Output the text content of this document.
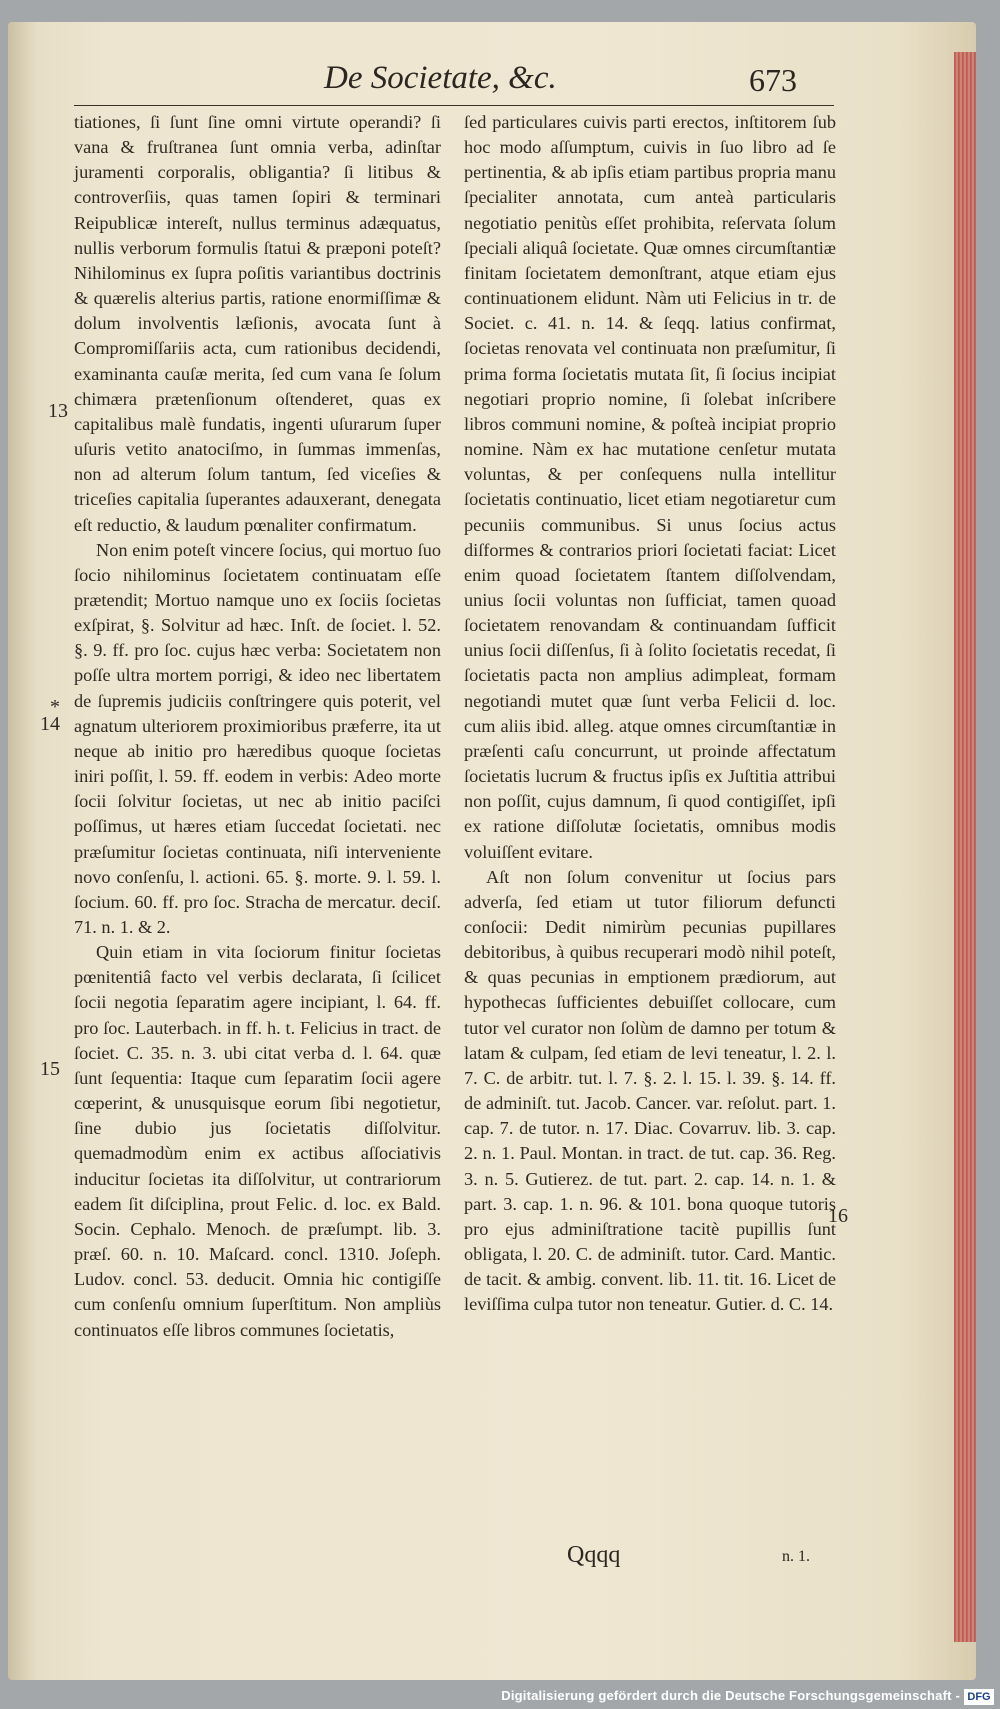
De Societate, &c.	673

tiationes, ſi ſunt ſine omni virtute operandi? ſi vana & fruſtranea ſunt omnia verba, adinſtar juramenti corporalis, obligantia? ſi litibus & controverſiis, quas tamen ſopiri & terminari Reipublicæ intereſt, nullus terminus adæquatus, nullis verborum formulis ſtatui & præponi poteſt? Nihilominus ex ſupra poſitis variantibus doctrinis & quærelis alterius partis, ratione enormiſſimæ & dolum involventis læſionis, avocata ſunt à Compromiſſariis acta, cum rationibus decidendi, examinanta cauſæ merita, ſed cum vana ſe ſolum chimæra prætenſionum oſtenderet, quas ex capitalibus malè fundatis, ingenti uſurarum ſuper uſuris vetito anatociſmo, in ſummas immenſas, non ad alterum ſolum tantum, ſed viceſies & triceſies capitalia ſuperantes adauxerant, denegata eſt reductio, & laudum pœnaliter confirmatum.

Non enim poteſt vincere ſocius, qui mortuo ſuo ſocio nihilominus ſocietatem continuatam eſſe prætendit; Mortuo namque uno ex ſociis ſocietas exſpirat, §. Solvitur ad hæc. Inſt. de ſociet. l. 52. §. 9. ff. pro ſoc. cujus hæc verba: Societatem non poſſe ultra mortem porrigi, & ideo nec libertatem de ſupremis judiciis conſtringere quis poterit, vel agnatum ulteriorem proximioribus præferre, ita ut neque ab initio pro hæredibus quoque ſocietas iniri poſſit, l. 59. ff. eodem in verbis: Adeo morte ſocii ſolvitur ſocietas, ut nec ab initio paciſci poſſimus, ut hæres etiam ſuccedat ſocietati. nec præſumitur ſocietas continuata, niſi interveniente novo conſenſu, l. actioni. 65. §. morte. 9. l. 59. l. ſocium. 60. ff. pro ſoc. Stracha de mercatur. deciſ. 71. n. 1. & 2.

Quin etiam in vita ſociorum finitur ſocietas pœnitentiâ facto vel verbis declarata, ſi ſcilicet ſocii negotia ſeparatim agere incipiant, l. 64. ff. pro ſoc. Lauterbach. in ff. h. t. Felicius in tract. de ſociet. C. 35. n. 3. ubi citat verba d. l. 64. quæ ſunt ſequentia: Itaque cum ſeparatim ſocii agere cœperint, & unusquisque eorum ſibi negotietur, ſine dubio jus ſocietatis diſſolvitur. quemadmodùm enim ex actibus aſſociativis inducitur ſocietas ita diſſolvitur, ut contrariorum eadem ſit diſciplina, prout Felic. d. loc. ex Bald. Socin. Cephalo. Menoch. de præſumpt. lib. 3. præſ. 60. n. 10. Maſcard. concl. 1310. Joſeph. Ludov. concl. 53. deducit. Omnia hic contigiſſe cum conſenſu omnium ſuperſtitum. Non ampliùs continuatos eſſe libros communes ſocietatis,

ſed particulares cuivis parti erectos, inſtitorem ſub hoc modo aſſumptum, cuivis in ſuo libro ad ſe pertinentia, & ab ipſis etiam partibus propria manu ſpecialiter annotata, cum anteà particularis negotiatio penitùs eſſet prohibita, reſervata ſolum ſpeciali aliquâ ſocietate. Quæ omnes circumſtantiæ finitam ſocietatem demonſtrant, atque etiam ejus continuationem elidunt. Nàm uti Felicius in tr. de Societ. c. 41. n. 14. & ſeqq. latius confirmat, ſocietas renovata vel continuata non præſumitur, ſi prima forma ſocietatis mutata ſit, ſi ſocius incipiat negotiari proprio nomine, ſi ſolebat inſcribere libros communi nomine, & poſteà incipiat proprio nomine. Nàm ex hac mutatione cenſetur mutata voluntas, & per conſequens nulla intellitur ſocietatis continuatio, licet etiam negotiaretur cum pecuniis communibus. Si unus ſocius actus diſformes & contrarios priori ſocietati faciat: Licet enim quoad ſocietatem ſtantem diſſolvendam, unius ſocii voluntas non ſufficiat, tamen quoad ſocietatem renovandam & continuandam ſufficit unius ſocii diſſenſus, ſi à ſolito ſocietatis recedat, ſi ſocietatis pacta non amplius adimpleat, formam negotiandi mutet quæ ſunt verba Felicii d. loc. cum aliis ibid. alleg. atque omnes circumſtantiæ in præſenti caſu concurrunt, ut proinde affectatum ſocietatis lucrum & fructus ipſis ex Juſtitia attribui non poſſit, cujus damnum, ſi quod contigiſſet, ipſi ex ratione diſſolutæ ſocietatis, omnibus modis voluiſſent evitare.

Aſt non ſolum convenitur ut ſocius pars adverſa, ſed etiam ut tutor filiorum defuncti conſocii: Dedit nimirùm pecunias pupillares debitoribus, à quibus recuperari modò nihil poteſt, & quas pecunias in emptionem prædiorum, aut hypothecas ſufficientes debuiſſet collocare, cum tutor vel curator non ſolùm de damno per totum & latam & culpam, ſed etiam de levi teneatur, l. 2. l. 7. C. de arbitr. tut. l. 7. §. 2. l. 15. l. 39. §. 14. ff. de adminiſt. tut. Jacob. Cancer. var. reſolut. part. 1. cap. 7. de tutor. n. 17. Diac. Covarruv. lib. 3. cap. 2. n. 1. Paul. Montan. in tract. de tut. cap. 36. Reg. 3. n. 5. Gutierez. de tut. part. 2. cap. 14. n. 1. & part. 3. cap. 1. n. 96. & 101. bona quoque tutoris pro ejus adminiſtratione tacitè pupillis ſunt obligata, l. 20. C. de adminiſt. tutor. Card. Mantic. de tacit. & ambig. convent. lib. 11. tit. 16. Licet de leviſſima culpa tutor non teneatur. Gutier. d. C. 14.

13
*
14
15
16
Qqqq	n. 1.
Digitalisierung gefördert durch die Deutsche Forschungsgemeinschaft - DFG
